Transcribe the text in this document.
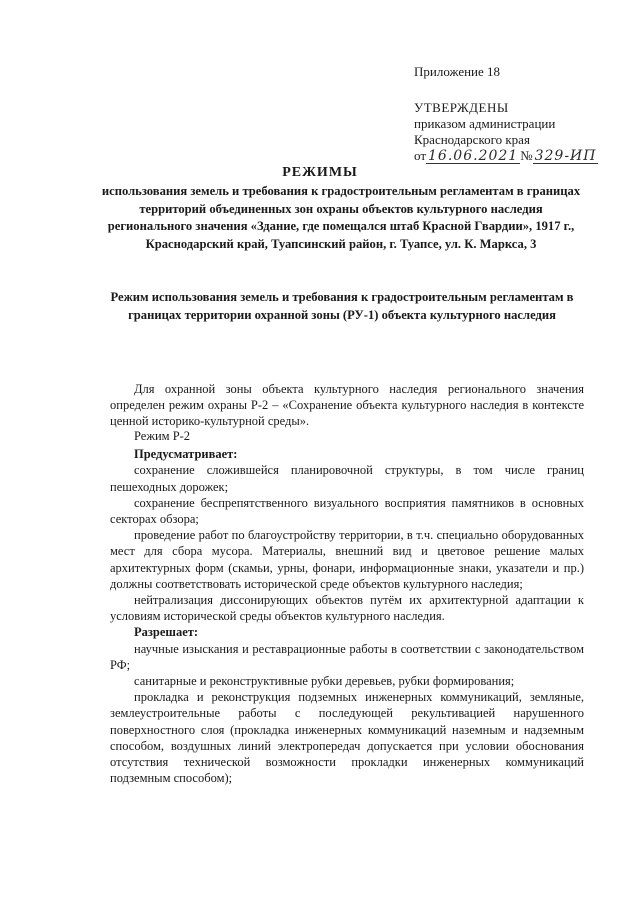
Приложение 18
УТВЕРЖДЕНЫ
приказом администрации
Краснодарского края
от 16.06.2021 № 329-ИП
РЕЖИМЫ
использования земель и требования к градостроительным регламентам в границах территорий объединенных зон охраны объектов культурного наследия регионального значения «Здание, где помещался штаб Красной Гвардии», 1917 г., Краснодарский край, Туапсинский район, г. Туапсе, ул. К. Маркса, 3
Режим использования земель и требования к градостроительным регламентам в границах территории охранной зоны (РУ-1) объекта культурного наследия

Для охранной зоны объекта культурного наследия регионального значения определен режим охраны Р-2 – «Сохранение объекта культурного наследия в контексте ценной историко-культурной среды».

Режим Р-2

Предусматривает:

сохранение сложившейся планировочной структуры, в том числе границ пешеходных дорожек;

сохранение беспрепятственного визуального восприятия памятников в основных секторах обзора;

проведение работ по благоустройству территории, в т.ч. специально оборудованных мест для сбора мусора. Материалы, внешний вид и цветовое решение малых архитектурных форм (скамьи, урны, фонари, информационные знаки, указатели и пр.) должны соответствовать исторической среде объектов культурного наследия;

нейтрализация диссонирующих объектов путём их архитектурной адаптации к условиям исторической среды объектов культурного наследия.

Разрешает:

научные изыскания и реставрационные работы в соответствии с законодательством РФ;

санитарные и реконструктивные рубки деревьев, рубки формирования;

прокладка и реконструкция подземных инженерных коммуникаций, земляные, землеустроительные работы с последующей рекультивацией нарушенного поверхностного слоя (прокладка инженерных коммуникаций наземным и надземным способом, воздушных линий электропередач допускается при условии обоснования отсутствия технической возможности прокладки инженерных коммуникаций подземным способом);
